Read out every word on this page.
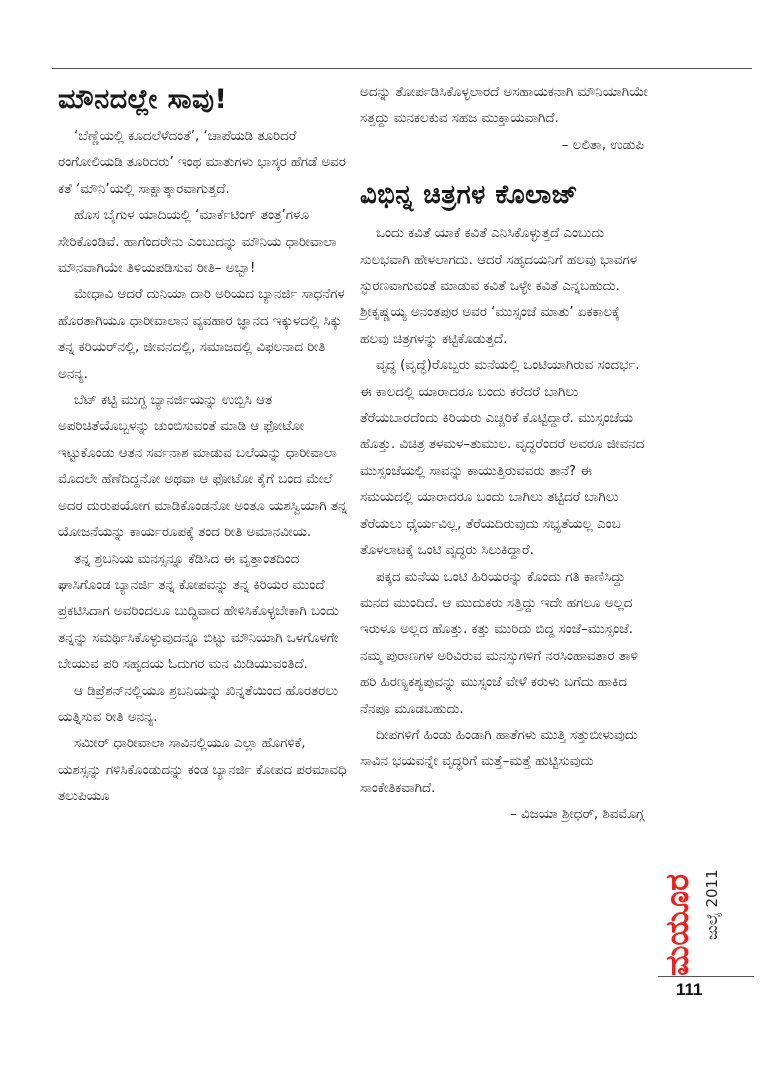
ಮೌನದಲ್ಲೇ ಸಾವು!

‘ಬೆಣ್ಣೆಯಲ್ಲಿ ಕೂದಲೆಳೆದಂತೆ’, ‘ಚಾಪೆಯಡಿ ತೂರಿದರೆ ರಂಗೋಲಿಯಡಿ ತೂರಿದರು’ ಇಂಥ ಮಾತುಗಳು ಭಾಸ್ಕರ ಹೆಗಡೆ ಅವರ ಕತೆ ‘ಮೌನಿ’ಯಲ್ಲಿ ಸಾಕ್ಷಾತ್ಕಾರವಾಗುತ್ತದೆ.

ಹೊಸ ಬೈಗುಳ ಯಾದಿಯಲ್ಲಿ ‘ಮಾರ್ಕೆಟಿಂಗ್ ತಂತ್ರ’ಗಳೂ ಸೇರಿಕೊಂಡಿವೆ. ಹಾಗೆಂದರೇನು ಎಂಬುದನ್ನು ಮೌನಿಯ ಧಾರೀವಾಲಾ ಮೌನವಾಗಿಯೇ ತಿಳಿಯಪಡಿಸುವ ರೀತಿ– ಅಬ್ಬಾ!

ಮೇಧಾವಿ ಆದರೆ ದುನಿಯಾ ದಾರಿ ಅರಿಯದ ಬ್ಯಾನರ್ಜಿ ಸಾಧನೆಗಳ ಹೊರತಾಗಿಯೂ ಧಾರೀವಾಲಾನ ವ್ಯವಹಾರ ಜ್ಞಾನದ ಇಕ್ಕುಳದಲ್ಲಿ ಸಿಕ್ಕು ತನ್ನ ಕರಿಯರ್‌ನಲ್ಲಿ, ಜೀವನದಲ್ಲಿ, ಸಮಾಜದಲ್ಲಿ ವಿಫಲನಾದ ರೀತಿ ಅನನ್ಯ.

ಬೆಟ್ ಕಟ್ಟಿ ಮುಗ್ಧ ಬ್ಯಾನರ್ಜಿಯನ್ನು ಉಬ್ಬಿಸಿ ಆತ ಅಪರಿಚಿತೆಯೊಬ್ಬಳನ್ನು ಚುಂಬಿಸುವಂತೆ ಮಾಡಿ ಆ ಫೋಟೋ ಇಟ್ಟುಕೊಂಡು ಆತನ ಸರ್ವನಾಶ ಮಾಡುವ ಬಲೆಯನ್ನು ಧಾರೀವಾಲಾ ಮೊದಲೇ ಹೆಣೆದಿದ್ದನೋ ಅಥವಾ ಆ ಫೋಟೋ ಕೈಗೆ ಬಂದ ಮೇಲೆ ಅದರ ದುರುಪಯೋಗ ಮಾಡಿಕೊಂಡನೋ ಅಂತೂ ಯಶಸ್ವಿಯಾಗಿ ತನ್ನ ಯೋಜನೆಯನ್ನು ಕಾರ್ಯರೂಪಕ್ಕೆ ತಂದ ರೀತಿ ಅಮಾನವೀಯ.

ತನ್ನ ಶ್ರಬನಿಯ ಮನಸ್ಸನ್ನೂ ಕೆಡಿಸಿದ ಈ ವೃತ್ತಾಂತದಿಂದ ಘಾಸಿಗೊಂಡ ಬ್ಯಾನರ್ಜಿ ತನ್ನ ಕೋಪವನ್ನು ತನ್ನ ಕಿರಿಯರ ಮುಂದೆ ಪ್ರಕಟಿಸಿದಾಗ ಅವರಿಂದಲೂ ಬುದ್ಧಿವಾದ ಹೇಳಿಸಿಕೊಳ್ಳಬೇಕಾಗಿ ಬಂದು ತನ್ನನ್ನು ಸಮರ್ಥಿಸಿಕೊಳ್ಳುವುದನ್ನೂ ಬಿಟ್ಟು ಮೌನಿಯಾಗಿ ಒಳಗೊಳಗೇ ಬೇಯುವ ಪರಿ ಸಹೃದಯ ಓದುಗರ ಮನ ಮಿಡಿಯುವಂತಿದೆ.

ಆ ಡಿಪ್ರೆಶನ್‌ನಲ್ಲಿಯೂ ಶ್ರಬನಿಯನ್ನು ಖಿನ್ನತೆಯಿಂದ ಹೊರತರಲು ಯತ್ನಿಸುವ ರೀತಿ ಅನನ್ಯ.

ಸಮೀರ್ ಧಾರೀವಾಲಾ ಸಾವಿನಲ್ಲಿಯೂ ಎಲ್ಲಾ ಹೊಗಳಿಕೆ, ಯಶಸ್ಸನ್ನು ಗಳಿಸಿಕೊಂಡುದನ್ನು ಕಂಡ ಬ್ಯಾನರ್ಜಿ ಕೋಪದ ಪರಮಾವಧಿ ತಲುಪಿಯೂ

ಅದನ್ನು ತೋರ್ಪಡಿಸಿಕೊಳ್ಳಲಾರದೆ ಅಸಹಾಯಕನಾಗಿ ಮೌನಿಯಾಗಿಯೇ ಸತ್ತದ್ದು ಮನಕಲಕುವ ಸಹಜ ಮುಕ್ತಾಯವಾಗಿದೆ.

– ಲಲಿತಾ, ಉಡುಪಿ

ವಿಭಿನ್ನ ಚಿತ್ರಗಳ ಕೊಲಾಜ್

ಒಂದು ಕವಿತೆ ಯಾಕೆ ಕವಿತೆ ಎನಿಸಿಕೊಳ್ಳುತ್ತದೆ ಎಂಬುದು ಸುಲಭವಾಗಿ ಹೇಳಲಾಗದು. ಆದರೆ ಸಹೃದಯನಿಗೆ ಹಲವು ಭಾವಗಳ ಸ್ಫುರಣವಾಗುವಂತೆ ಮಾಡುವ ಕವಿತೆ ಒಳ್ಳೇ ಕವಿತೆ ಎನ್ನಬಹುದು. ಶ್ರೀಕೃಷ್ಣಯ್ಯ ಅನಂತಪುರ ಅವರ ‘ಮುಸ್ಸಂಜೆ ಮಾತು’ ಏಕಕಾಲಕ್ಕೆ ಹಲವು ಚಿತ್ರಗಳನ್ನು ಕಟ್ಟಿಕೊಡುತ್ತದೆ.

ವೃದ್ಧ (ವೃದ್ಧೆ)ರೊಬ್ಬರು ಮನೆಯಲ್ಲಿ ಒಂಟಿಯಾಗಿರುವ ಸಂದರ್ಭ. ಈ ಕಾಲದಲ್ಲಿ ಯಾರಾದರೂ ಬಂದು ಕರೆದರೆ ಬಾಗಿಲು ತೆರೆಯಬಾರದೆಂದು ಕಿರಿಯರು ಎಚ್ಚರಿಕೆ ಕೊಟ್ಟಿದ್ದಾರೆ. ಮುಸ್ಸಂಜೆಯ ಹೊತ್ತು. ವಿಚಿತ್ರ ತಳಮಳ–ತುಮುಲ. ವೃದ್ಧರೆಂದರೆ ಅವರೂ ಜೀವನದ ಮುಸ್ಸಂಜೆಯಲ್ಲಿ ಸಾವನ್ನು ಕಾಯುತ್ತಿರುವವರು ತಾನೆ? ಈ ಸಮಯದಲ್ಲಿ ಯಾರಾದರೂ ಬಂದು ಬಾಗಿಲು ತಟ್ಟಿದರೆ ಬಾಗಿಲು ತೆರೆಯಲು ಧೈರ್ಯವಿಲ್ಲ, ತೆರೆಯದಿರುವುದು ಸಭ್ಯತೆಯಲ್ಲ ಎಂಬ ತೊಳಲಾಟಕ್ಕೆ ಒಂಟಿ ವೃದ್ಧರು ಸಿಲುಕಿದ್ದಾರೆ.

ಪಕ್ಕದ ಮನೆಯ ಒಂಟಿ ಹಿರಿಯರನ್ನು ಕೊಂದು ಗತಿ ಕಾಣಿಸಿದ್ದು ಮನದ ಮುಂದಿದೆ. ಆ ಮುದುಕರು ಸತ್ತಿದ್ದು ಇದೇ ಹಗಲೂ ಅಲ್ಲದ ಇರುಳೂ ಅಲ್ಲದ ಹೊತ್ತು. ಕತ್ತು ಮುರಿದು ಬಿದ್ದ ಸಂಜೆ–ಮುಸ್ಸಂಜೆ. ನಮ್ಮ ಪುರಾಣಗಳ ಅರಿವಿರುವ ಮನಸ್ಸುಗಳಿಗೆ ನರಸಿಂಹಾವತಾರ ತಾಳಿ ಹರಿ ಹಿರಣ್ಯಕಶ್ಯಪುವನ್ನು ಮುಸ್ಸಂಜೆ ವೇಳೆ ಕರುಳು ಬಗೆದು ಹಾಕಿದ ನೆನಪೂ ಮೂಡಬಹುದು.

ದೀಪಗಳಿಗೆ ಹಿಂಡು ಹಿಂಡಾಗಿ ಹಾತೆಗಳು ಮುತ್ತಿ ಸತ್ತುಬೀಳುವುದು ಸಾವಿನ ಭಯವನ್ನೇ ವೃದ್ಧರಿಗೆ ಮತ್ತೆ–ಮತ್ತೆ ಹುಟ್ಟಿಸುವುದು ಸಾಂಕೇತಿಕವಾಗಿದೆ.

– ವಿಜಯಾ ಶ್ರೀಧರ್, ಶಿವಮೊಗ್ಗ

ಮಯೂರ ಜುಲೈ 2011
111
